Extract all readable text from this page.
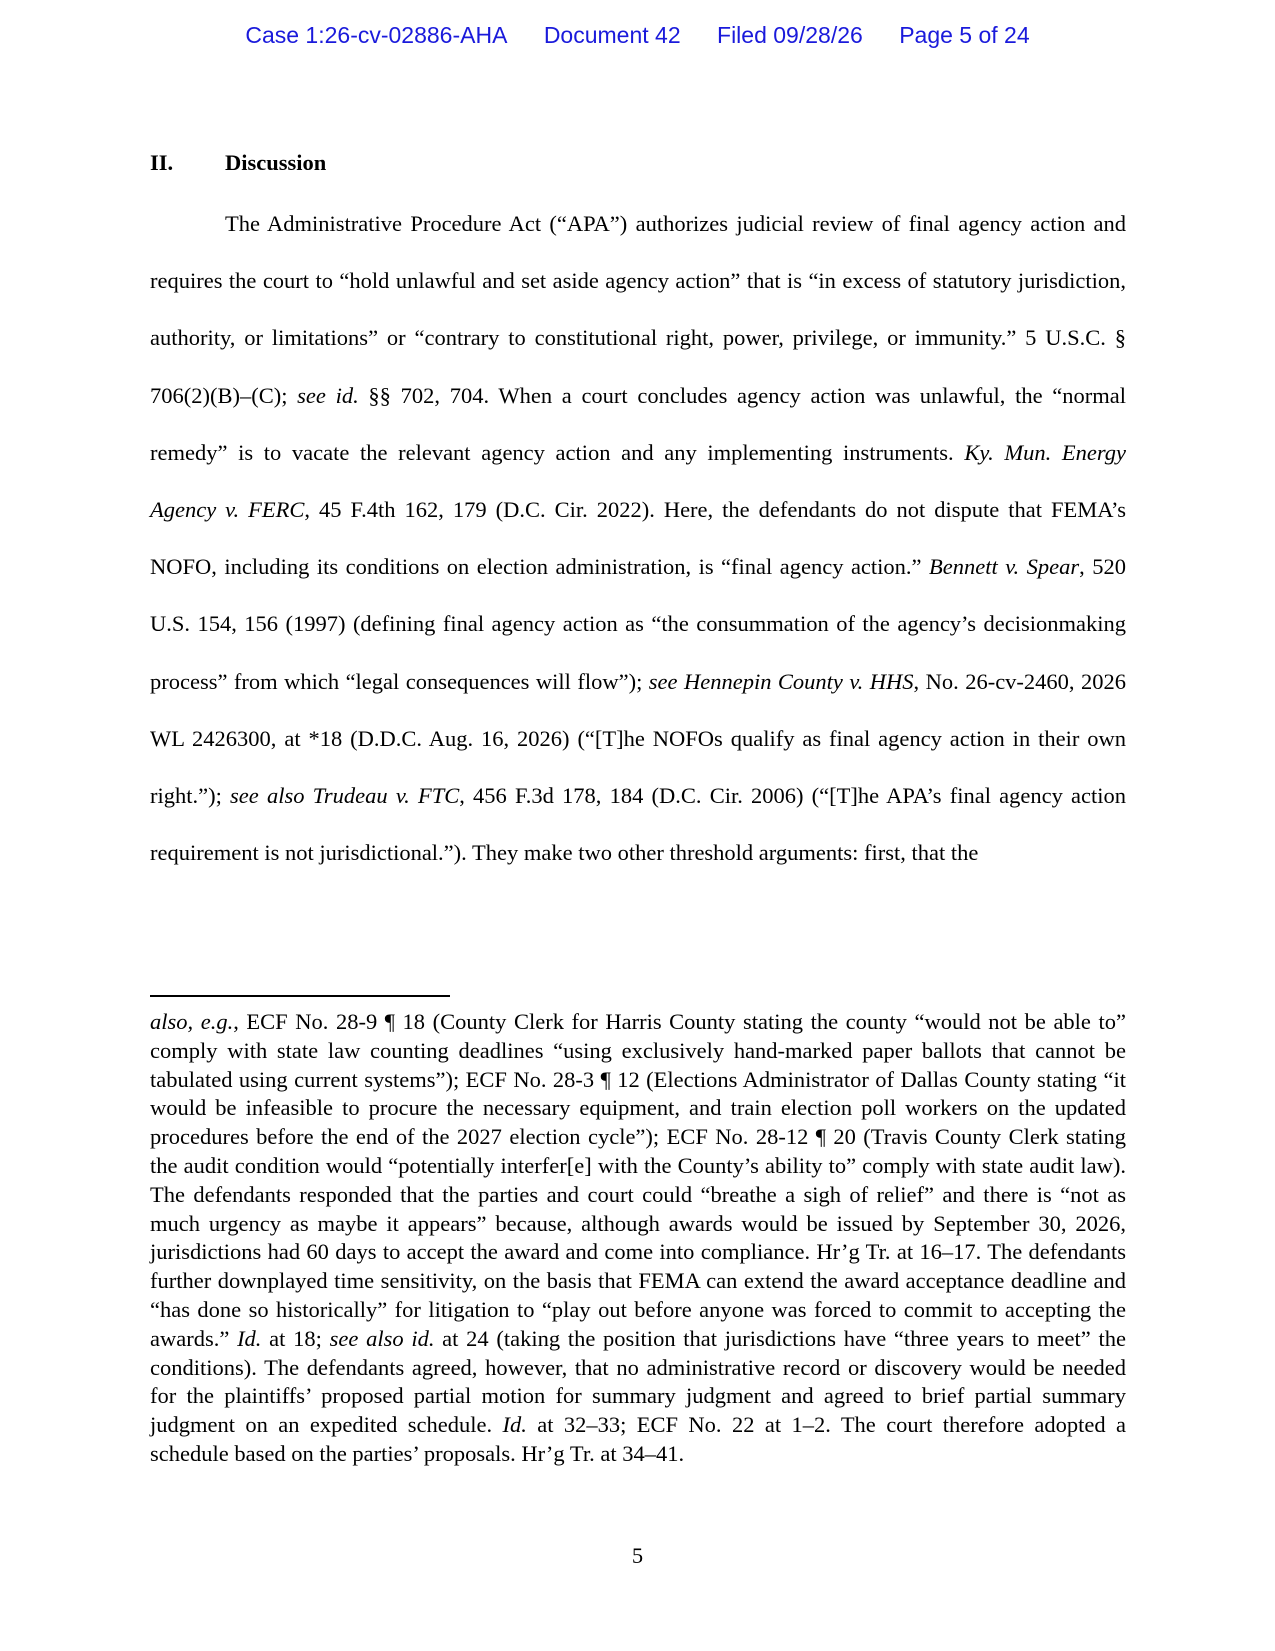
Case 1:26-cv-02886-AHA Document 42 Filed 09/28/26 Page 5 of 24
II. Discussion

The Administrative Procedure Act (“APA”) authorizes judicial review of final agency action and requires the court to “hold unlawful and set aside agency action” that is “in excess of statutory jurisdiction, authority, or limitations” or “contrary to constitutional right, power, privilege, or immunity.” 5 U.S.C. § 706(2)(B)–(C); see id. §§ 702, 704. When a court concludes agency action was unlawful, the “normal remedy” is to vacate the relevant agency action and any implementing instruments. Ky. Mun. Energy Agency v. FERC, 45 F.4th 162, 179 (D.C. Cir. 2022). Here, the defendants do not dispute that FEMA’s NOFO, including its conditions on election administration, is “final agency action.” Bennett v. Spear, 520 U.S. 154, 156 (1997) (defining final agency action as “the consummation of the agency’s decisionmaking process” from which “legal consequences will flow”); see Hennepin County v. HHS, No. 26-cv-2460, 2026 WL 2426300, at *18 (D.D.C. Aug. 16, 2026) (“[T]he NOFOs qualify as final agency action in their own right.”); see also Trudeau v. FTC, 456 F.3d 178, 184 (D.C. Cir. 2006) (“[T]he APA’s final agency action requirement is not jurisdictional.”). They make two other threshold arguments: first, that the

also, e.g., ECF No. 28-9 ¶ 18 (County Clerk for Harris County stating the county “would not be able to” comply with state law counting deadlines “using exclusively hand-marked paper ballots that cannot be tabulated using current systems”); ECF No. 28-3 ¶ 12 (Elections Administrator of Dallas County stating “it would be infeasible to procure the necessary equipment, and train election poll workers on the updated procedures before the end of the 2027 election cycle”); ECF No. 28-12 ¶ 20 (Travis County Clerk stating the audit condition would “potentially interfer[e] with the County’s ability to” comply with state audit law). The defendants responded that the parties and court could “breathe a sigh of relief” and there is “not as much urgency as maybe it appears” because, although awards would be issued by September 30, 2026, jurisdictions had 60 days to accept the award and come into compliance. Hr’g Tr. at 16–17. The defendants further downplayed time sensitivity, on the basis that FEMA can extend the award acceptance deadline and “has done so historically” for litigation to “play out before anyone was forced to commit to accepting the awards.” Id. at 18; see also id. at 24 (taking the position that jurisdictions have “three years to meet” the conditions). The defendants agreed, however, that no administrative record or discovery would be needed for the plaintiffs’ proposed partial motion for summary judgment and agreed to brief partial summary judgment on an expedited schedule. Id. at 32–33; ECF No. 22 at 1–2. The court therefore adopted a schedule based on the parties’ proposals. Hr’g Tr. at 34–41.

5
